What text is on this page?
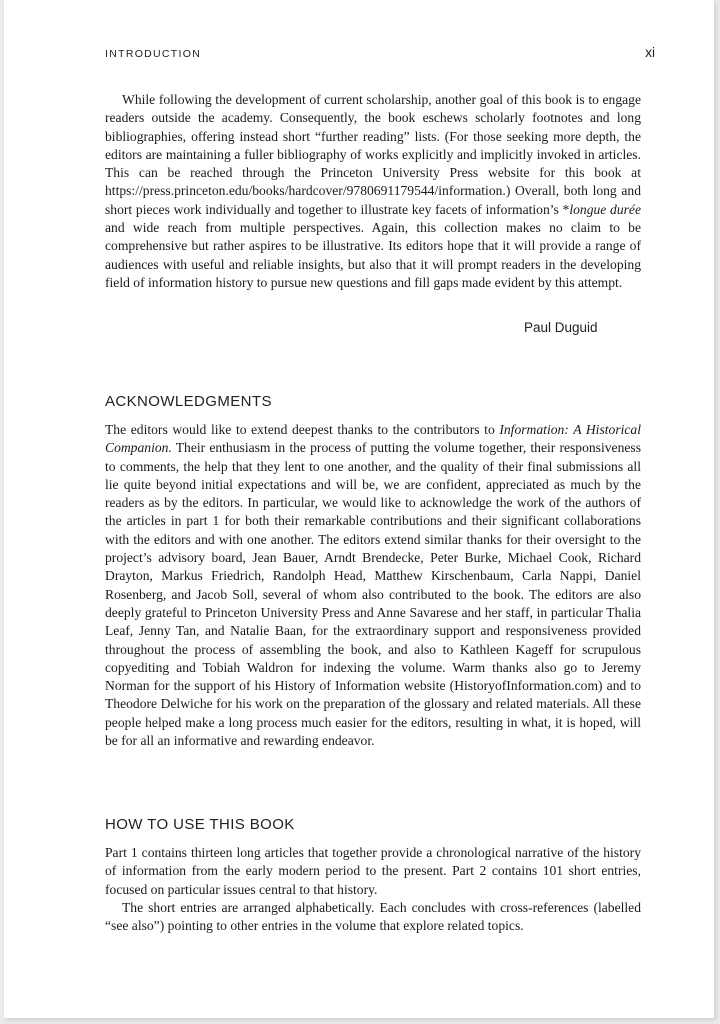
INTRODUCTION	xi

While following the development of current scholarship, another goal of this book is to engage readers outside the academy. Consequently, the book eschews scholarly footnotes and long bibliographies, offering instead short “further reading” lists. (For those seeking more depth, the editors are maintaining a fuller bibliography of works explicitly and implicitly invoked in articles. This can be reached through the Princeton University Press website for this book at https://press.princeton.edu/books/hardcover/9780691179544/information.) Overall, both long and short pieces work individually and together to illustrate key facets of information’s *longue durée and wide reach from multiple perspectives. Again, this collection makes no claim to be comprehensive but rather aspires to be illustrative. Its editors hope that it will provide a range of audiences with useful and reliable insights, but also that it will prompt readers in the developing field of information history to pursue new questions and fill gaps made evident by this attempt.

Paul Duguid
ACKNOWLEDGMENTS

The editors would like to extend deepest thanks to the contributors to Information: A Historical Companion. Their enthusiasm in the process of putting the volume together, their responsiveness to comments, the help that they lent to one another, and the quality of their final submissions all lie quite beyond initial expectations and will be, we are confident, appreciated as much by the readers as by the editors. In particular, we would like to acknowledge the work of the authors of the articles in part 1 for both their remarkable contributions and their significant collaborations with the editors and with one another. The editors extend similar thanks for their oversight to the project’s advisory board, Jean Bauer, Arndt Brendecke, Peter Burke, Michael Cook, Richard Drayton, Markus Friedrich, Randolph Head, Matthew Kirschenbaum, Carla Nappi, Daniel Rosenberg, and Jacob Soll, several of whom also contributed to the book. The editors are also deeply grateful to Princeton University Press and Anne Savarese and her staff, in particular Thalia Leaf, Jenny Tan, and Natalie Baan, for the extraordinary support and responsiveness provided throughout the process of assembling the book, and also to Kathleen Kageff for scrupulous copyediting and Tobiah Waldron for indexing the volume. Warm thanks also go to Jeremy Norman for the support of his History of Information website (HistoryofInformation.com) and to Theodore Delwiche for his work on the preparation of the glossary and related materials. All these people helped make a long process much easier for the editors, resulting in what, it is hoped, will be for all an informative and rewarding endeavor.

HOW TO USE THIS BOOK

Part 1 contains thirteen long articles that together provide a chronological narrative of the history of information from the early modern period to the present. Part 2 contains 101 short entries, focused on particular issues central to that history.

The short entries are arranged alphabetically. Each concludes with cross-references (labelled “see also”) pointing to other entries in the volume that explore related topics.
